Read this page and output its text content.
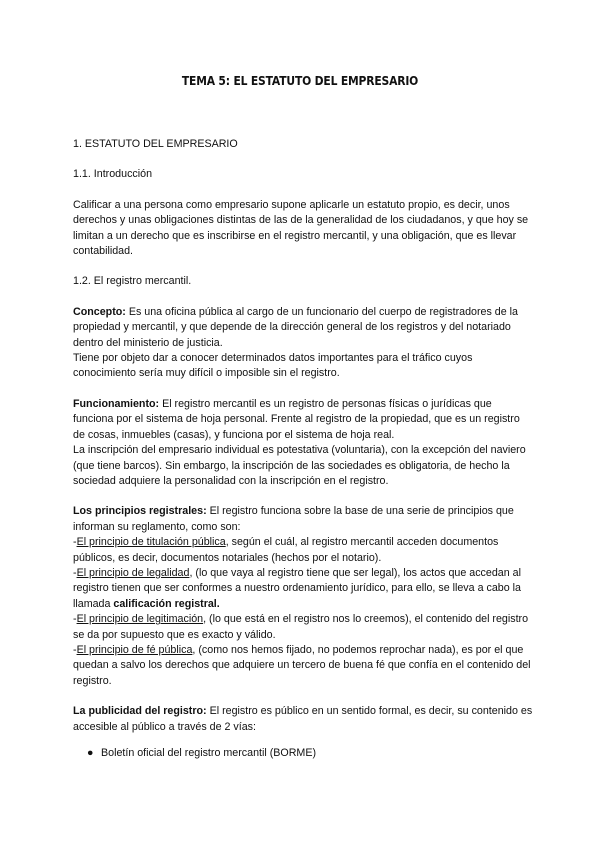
TEMA 5: EL ESTATUTO DEL EMPRESARIO

1. ESTATUTO DEL EMPRESARIO

1.1. Introducción

Calificar a una persona como empresario supone aplicarle un estatuto propio, es decir, unos derechos y unas obligaciones distintas de las de la generalidad de los ciudadanos, y que hoy se limitan a un derecho que es inscribirse en el registro mercantil, y una obligación, que es llevar contabilidad.

1.2. El registro mercantil.

Concepto: Es una oficina pública al cargo de un funcionario del cuerpo de registradores de la propiedad y mercantil, y que depende de la dirección general de los registros y del notariado dentro del ministerio de justicia.

Tiene por objeto dar a conocer determinados datos importantes para el tráfico cuyos conocimiento sería muy difícil o imposible sin el registro.

Funcionamiento: El registro mercantil es un registro de personas físicas o jurídicas que funciona por el sistema de hoja personal. Frente al registro de la propiedad, que es un registro de cosas, inmuebles (casas), y funciona por el sistema de hoja real.

La inscripción del empresario individual es potestativa (voluntaria), con la excepción del naviero (que tiene barcos). Sin embargo, la inscripción de las sociedades es obligatoria, de hecho la sociedad adquiere la personalidad con la inscripción en el registro.

Los principios registrales: El registro funciona sobre la base de una serie de principios que informan su reglamento, como son:

-El principio de titulación pública, según el cuál, al registro mercantil acceden documentos públicos, es decir, documentos notariales (hechos por el notario).

-El principio de legalidad, (lo que vaya al registro tiene que ser legal), los actos que accedan al registro tienen que ser conformes a nuestro ordenamiento jurídico, para ello, se lleva a cabo la llamada calificación registral.

-El principio de legitimación, (lo que está en el registro nos lo creemos), el contenido del registro se da por supuesto que es exacto y válido.

-El principio de fé pública, (como nos hemos fijado, no podemos reprochar nada), es por el que quedan a salvo los derechos que adquiere un tercero de buena fé que confía en el contenido del registro.

La publicidad del registro: El registro es público en un sentido formal, es decir, su contenido es accesible al público a través de 2 vías:

● Boletín oficial del registro mercantil (BORME)
